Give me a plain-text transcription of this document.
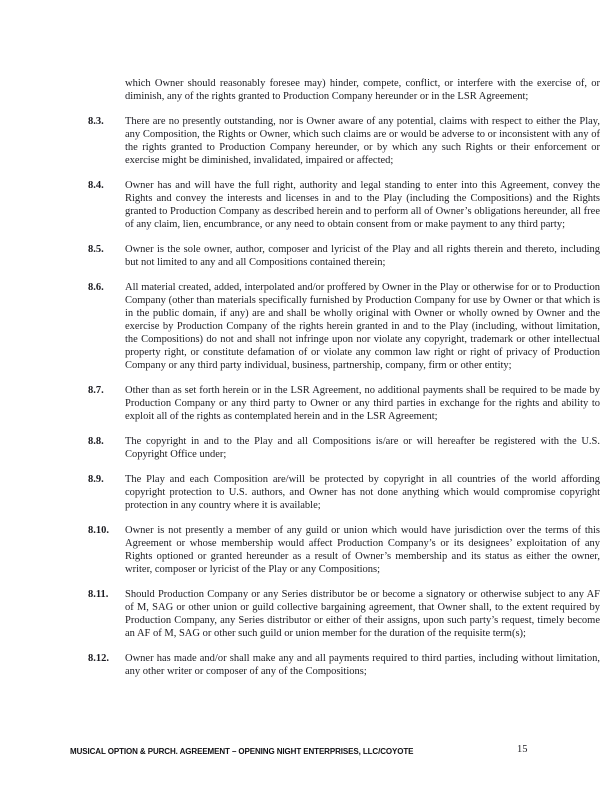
which Owner should reasonably foresee may) hinder, compete, conflict, or interfere with the exercise of, or diminish, any of the rights granted to Production Company hereunder or in the LSR Agreement;

8.3.	There are no presently outstanding, nor is Owner aware of any potential, claims with respect to either the Play, any Composition, the Rights or Owner, which such claims are or would be adverse to or inconsistent with any of the rights granted to Production Company hereunder, or by which any such Rights or their enforcement or exercise might be diminished, invalidated, impaired or affected;
8.4.	Owner has and will have the full right, authority and legal standing to enter into this Agreement, convey the Rights and convey the interests and licenses in and to the Play (including the Compositions) and the Rights granted to Production Company as described herein and to perform all of Owner’s obligations hereunder, all free of any claim, lien, encumbrance, or any need to obtain consent from or make payment to any third party;
8.5.	Owner is the sole owner, author, composer and lyricist of the Play and all rights therein and thereto, including but not limited to any and all Compositions contained therein;
8.6.	All material created, added, interpolated and/or proffered by Owner in the Play or otherwise for or to Production Company (other than materials specifically furnished by Production Company for use by Owner or that which is in the public domain, if any) are and shall be wholly original with Owner or wholly owned by Owner and the exercise by Production Company of the rights herein granted in and to the Play (including, without limitation, the Compositions) do not and shall not infringe upon nor violate any copyright, trademark or other intellectual property right, or constitute defamation of or violate any common law right or right of privacy of Production Company or any third party individual, business, partnership, company, firm or other entity;
8.7.	Other than as set forth herein or in the LSR Agreement, no additional payments shall be required to be made by Production Company or any third party to Owner or any third parties in exchange for the rights and ability to exploit all of the rights as contemplated herein and in the LSR Agreement;
8.8.	The copyright in and to the Play and all Compositions is/are or will hereafter be registered with the U.S. Copyright Office under;
8.9.	The Play and each Composition are/will be protected by copyright in all countries of the world affording copyright protection to U.S. authors, and Owner has not done anything which would compromise copyright protection in any country where it is available;
8.10.	Owner is not presently a member of any guild or union which would have jurisdiction over the terms of this Agreement or whose membership would affect Production Company’s or its designees’ exploitation of any Rights optioned or granted hereunder as a result of Owner’s membership and its status as either the owner, writer, composer or lyricist of the Play or any Compositions;
8.11.	Should Production Company or any Series distributor be or become a signatory or otherwise subject to any AF of M, SAG or other union or guild collective bargaining agreement, that Owner shall, to the extent required by Production Company, any Series distributor or either of their assigns, upon such party’s request, timely become an AF of M, SAG or other such guild or union member for the duration of the requisite term(s);
8.12.	Owner has made and/or shall make any and all payments required to third parties, including without limitation, any other writer or composer of any of the Compositions;
MUSICAL OPTION & PURCH. AGREEMENT – OPENING NIGHT ENTERPRISES, LLC/COYOTE	15
